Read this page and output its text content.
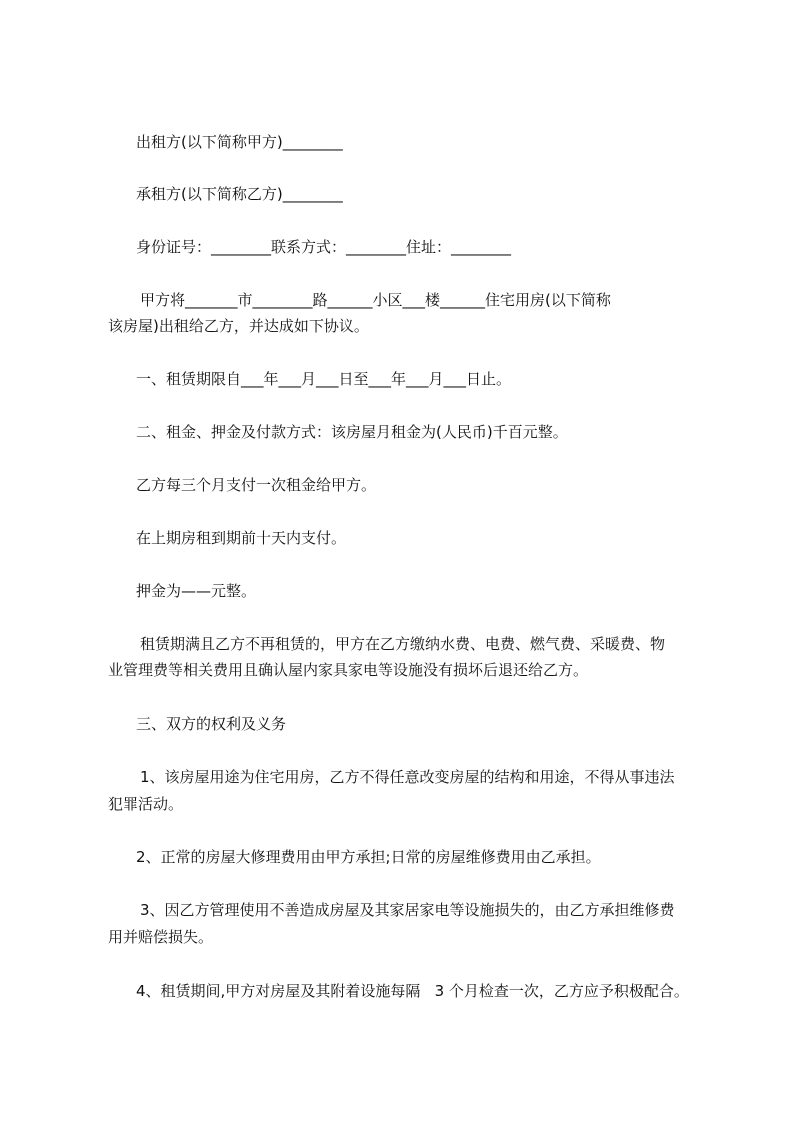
出租方(以下简称甲方)________

承租方(以下简称乙方)________

身份证号：________联系方式：________住址：________

甲方将_______市________路______小区___楼______住宅用房(以下简称

该房屋)出租给乙方，并达成如下协议。

一、租赁期限自___年___月___日至___年___月___日止。

二、租金、押金及付款方式：该房屋月租金为(人民币)千百元整。

乙方每三个月支付一次租金给甲方。

在上期房租到期前十天内支付。

押金为——元整。

租赁期满且乙方不再租赁的，甲方在乙方缴纳水费、电费、燃气费、采暖费、物

业管理费等相关费用且确认屋内家具家电等设施没有损坏后退还给乙方。

三、双方的权利及义务

1、该房屋用途为住宅用房，乙方不得任意改变房屋的结构和用途，不得从事违法

犯罪活动。

2、正常的房屋大修理费用由甲方承担;日常的房屋维修费用由乙承担。

3、因乙方管理使用不善造成房屋及其家居家电等设施损失的，由乙方承担维修费

用并赔偿损失。

4、租赁期间,甲方对房屋及其附着设施每隔   3 个月检查一次，乙方应予积极配合。
